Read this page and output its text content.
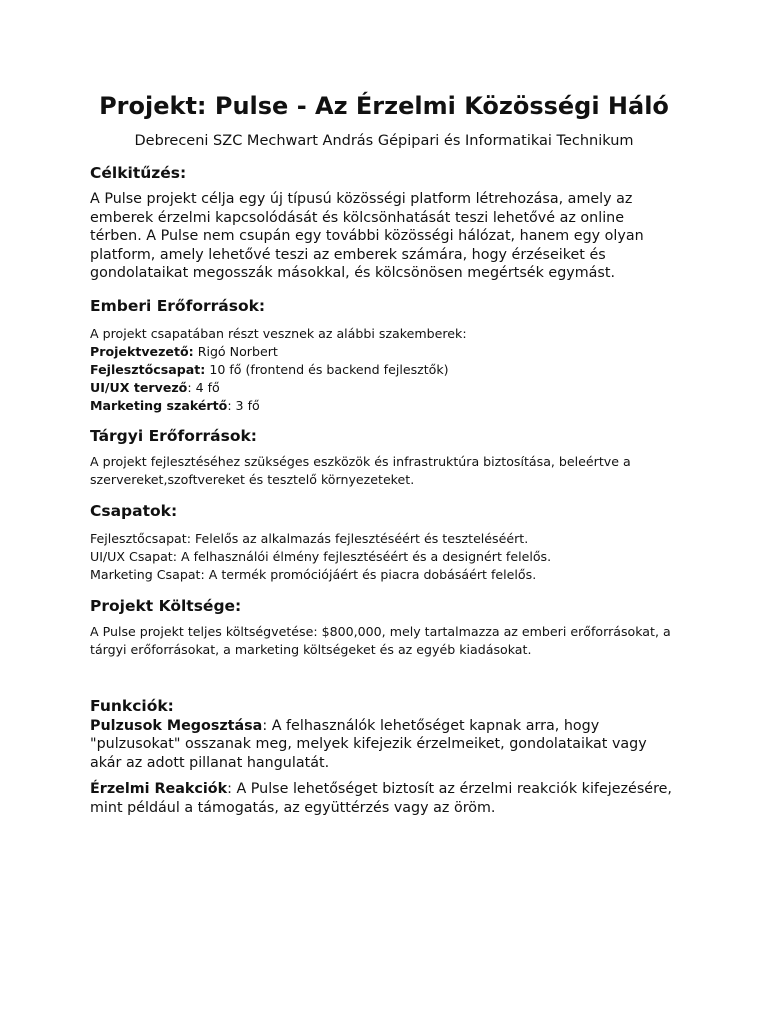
Projekt: Pulse - Az Érzelmi Közösségi Háló
Debreceni SZC Mechwart András Gépipari és Informatikai Technikum
Célkitűzés:

A Pulse projekt célja egy új típusú közösségi platform létrehozása, amely az emberek érzelmi kapcsolódását és kölcsönhatását teszi lehetővé az online térben. A Pulse nem csupán egy további közösségi hálózat, hanem egy olyan platform, amely lehetővé teszi az emberek számára, hogy érzéseiket és gondolataikat megosszák másokkal, és kölcsönösen megértsék egymást.

Emberi Erőforrások:

A projekt csapatában részt vesznek az alábbi szakemberek:

Projektvezető: Rigó Norbert

Fejlesztőcsapat: 10 fő (frontend és backend fejlesztők)

UI/UX tervező: 4 fő

Marketing szakértő: 3 fő

Tárgyi Erőforrások:

A projekt fejlesztéséhez szükséges eszközök és infrastruktúra biztosítása, beleértve a szervereket,szoftvereket és tesztelő környezeteket.

Csapatok:

Fejlesztőcsapat: Felelős az alkalmazás fejlesztéséért és teszteléséért.

UI/UX Csapat: A felhasználói élmény fejlesztéséért és a designért felelős.

Marketing Csapat: A termék promóciójáért és piacra dobásáért felelős.

Projekt Költsége:

A Pulse projekt teljes költségvetése: $800,000, mely tartalmazza az emberi erőforrásokat, a tárgyi erőforrásokat, a marketing költségeket és az egyéb kiadásokat.

Funkciók:

Pulzusok Megosztása: A felhasználók lehetőséget kapnak arra, hogy "pulzusokat" osszanak meg, melyek kifejezik érzelmeiket, gondolataikat vagy akár az adott pillanat hangulatát.

Érzelmi Reakciók: A Pulse lehetőséget biztosít az érzelmi reakciók kifejezésére, mint például a támogatás, az együttérzés vagy az öröm.
